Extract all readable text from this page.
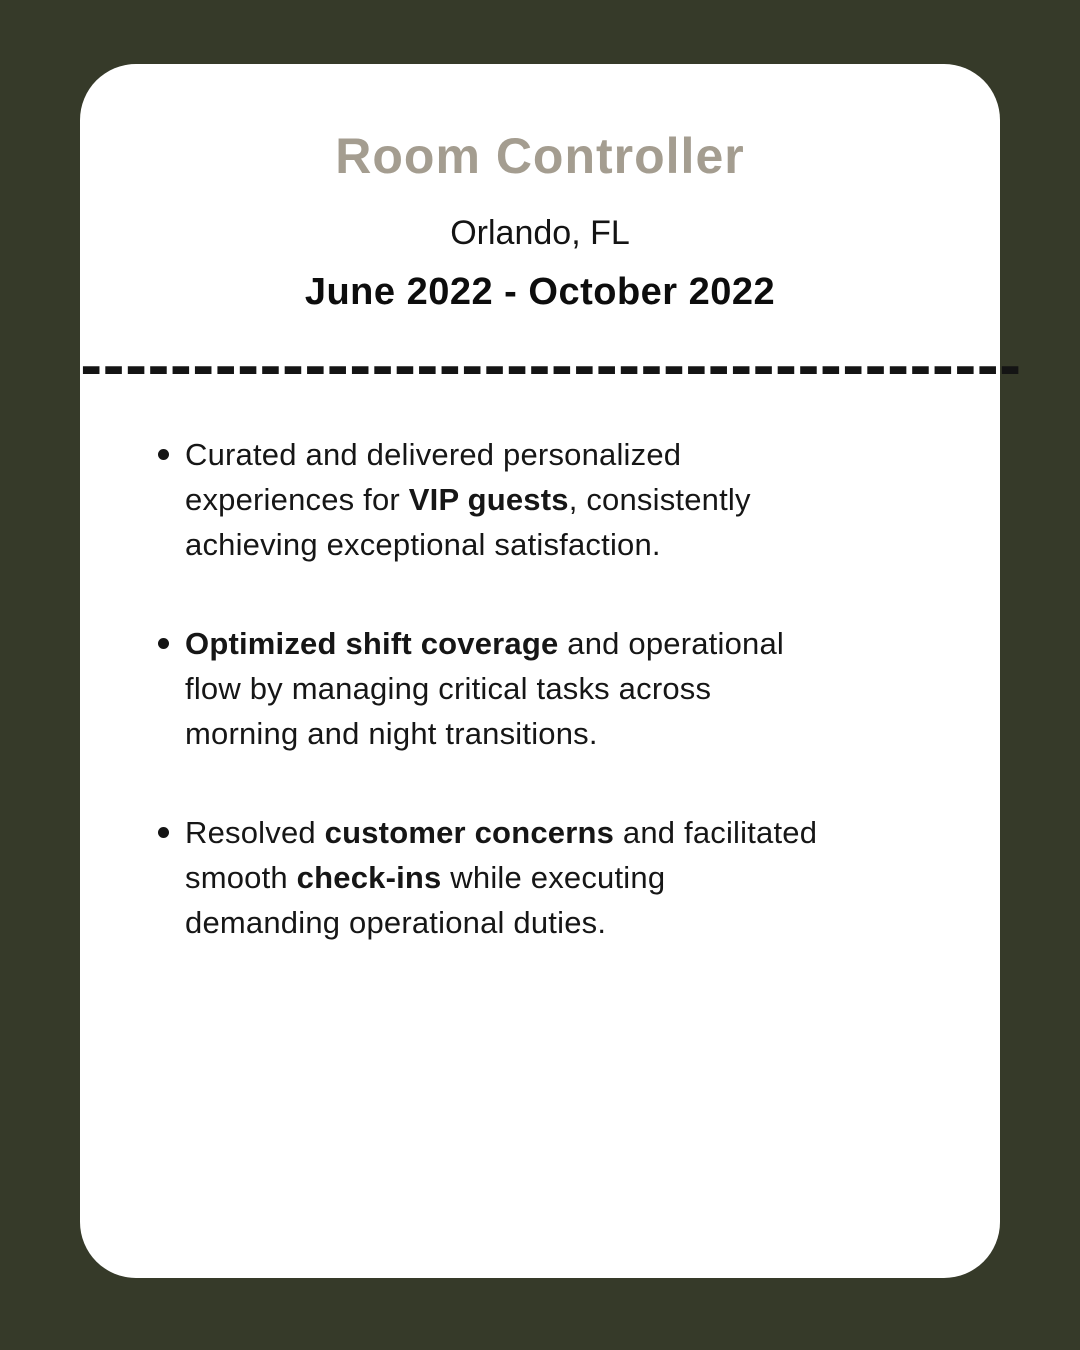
Room Controller
Orlando, FL
June 2022 - October 2022
------------------------------------------
Curated and delivered personalized
experiences for VIP guests, consistently
achieving exceptional satisfaction.
Optimized shift coverage and operational
flow by managing critical tasks across
morning and night transitions.
Resolved customer concerns and facilitated
smooth check-ins while executing
demanding operational duties.
